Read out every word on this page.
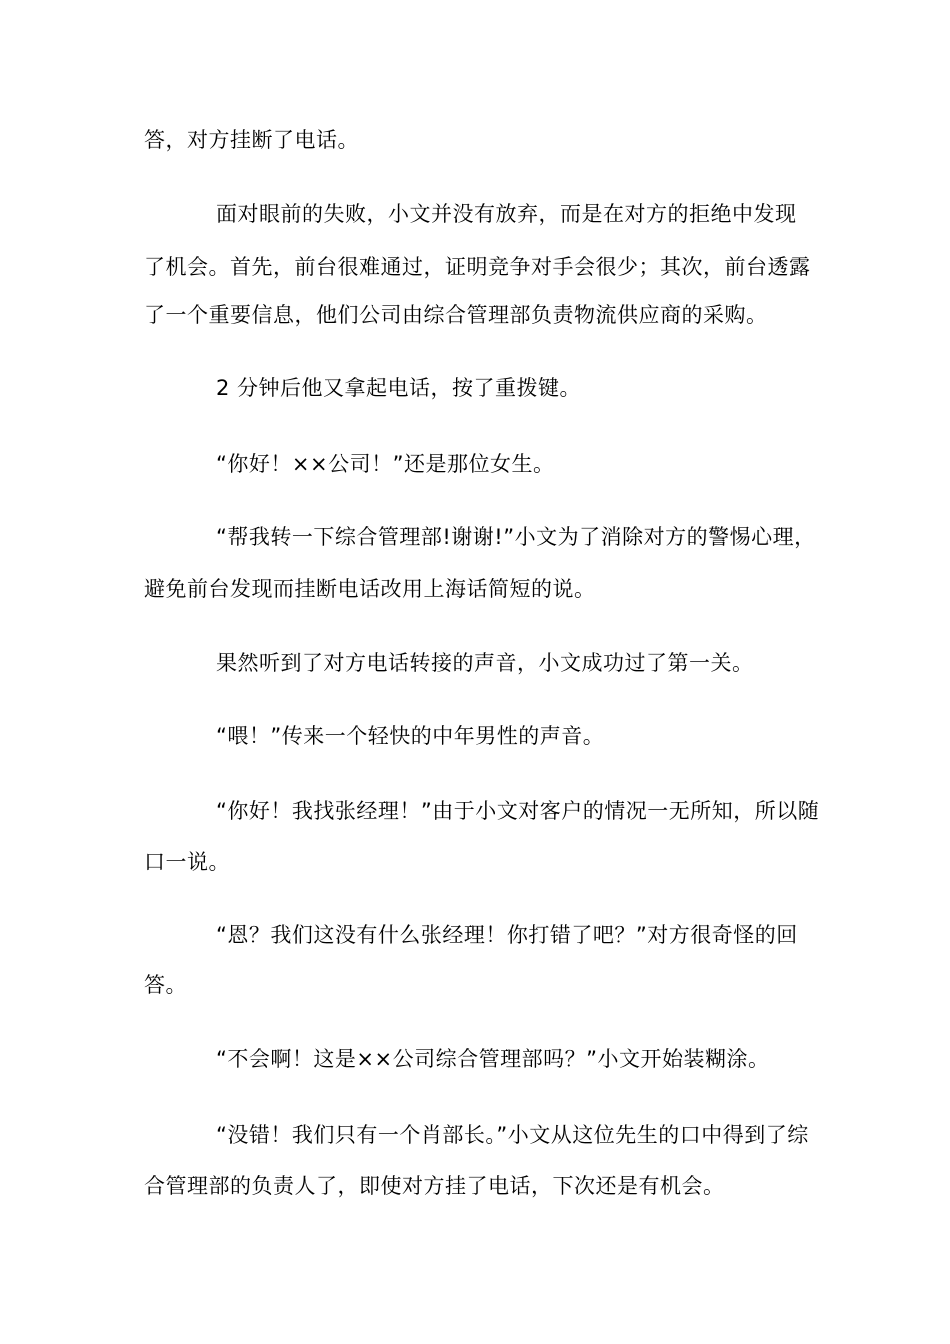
答，对方挂断了电话。
面对眼前的失败，小文并没有放弃，而是在对方的拒绝中发现
了机会。首先，前台很难通过，证明竞争对手会很少；其次，前台透露
了一个重要信息，他们公司由综合管理部负责物流供应商的采购。
2 分钟后他又拿起电话，按了重拨键。
“你好！××公司！”还是那位女生。
“帮我转一下综合管理部!谢谢!”小文为了消除对方的警惕心理，
避免前台发现而挂断电话改用上海话简短的说。
果然听到了对方电话转接的声音，小文成功过了第一关。
“喂！”传来一个轻快的中年男性的声音。
“你好！我找张经理！”由于小文对客户的情况一无所知，所以随
口一说。
“恩？我们这没有什么张经理！你打错了吧？”对方很奇怪的回
答。
“不会啊！这是××公司综合管理部吗？”小文开始装糊涂。
“没错！我们只有一个肖部长。”小文从这位先生的口中得到了综
合管理部的负责人了，即使对方挂了电话，下次还是有机会。
